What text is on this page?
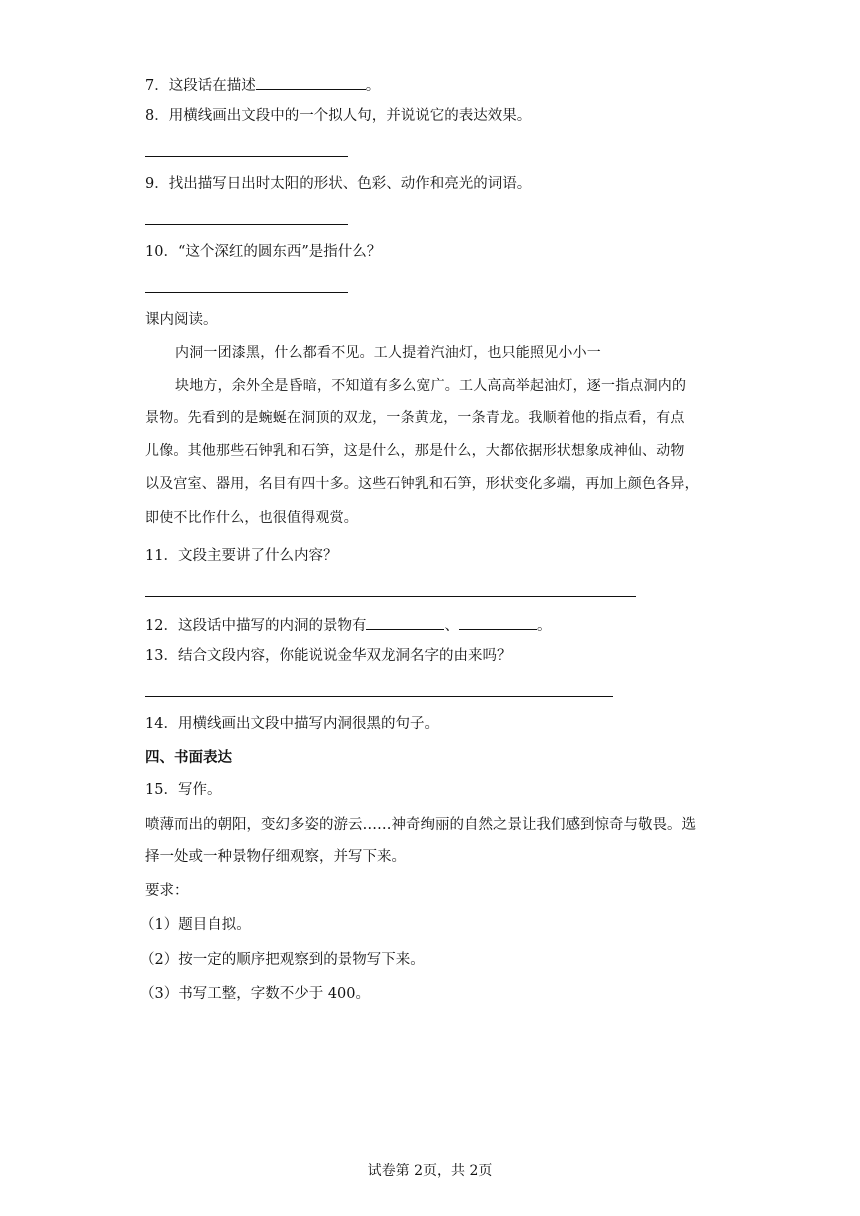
7．这段话在描述	。
8．用横线画出文段中的一个拟人句，并说说它的表达效果。
9．找出描写日出时太阳的形状、色彩、动作和亮光的词语。
10．“这个深红的圆东西”是指什么？
课内阅读。
内洞一团漆黑，什么都看不见。工人提着汽油灯，也只能照见小小一
块地方，余外全是昏暗，不知道有多么宽广。工人高高举起油灯，逐一指点洞内的
景物。先看到的是蜿蜒在洞顶的双龙，一条黄龙，一条青龙。我顺着他的指点看，有点
儿像。其他那些石钟乳和石笋，这是什么，那是什么，大都依据形状想象成神仙、动物
以及宫室、器用，名目有四十多。这些石钟乳和石笋，形状变化多端，再加上颜色各异，
即使不比作什么，也很值得观赏。
11．文段主要讲了什么内容？
12．这段话中描写的内洞的景物有	、	。
13．结合文段内容，你能说说金华双龙洞名字的由来吗？
14．用横线画出文段中描写内洞很黑的句子。
四、书面表达
15．写作。
喷薄而出的朝阳，变幻多姿的游云……神奇绚丽的自然之景让我们感到惊奇与敬畏。选
择一处或一种景物仔细观察，并写下来。
要求：
（1）题目自拟。
（2）按一定的顺序把观察到的景物写下来。
（3）书写工整，字数不少于 400。
试卷第 2页，共 2页
